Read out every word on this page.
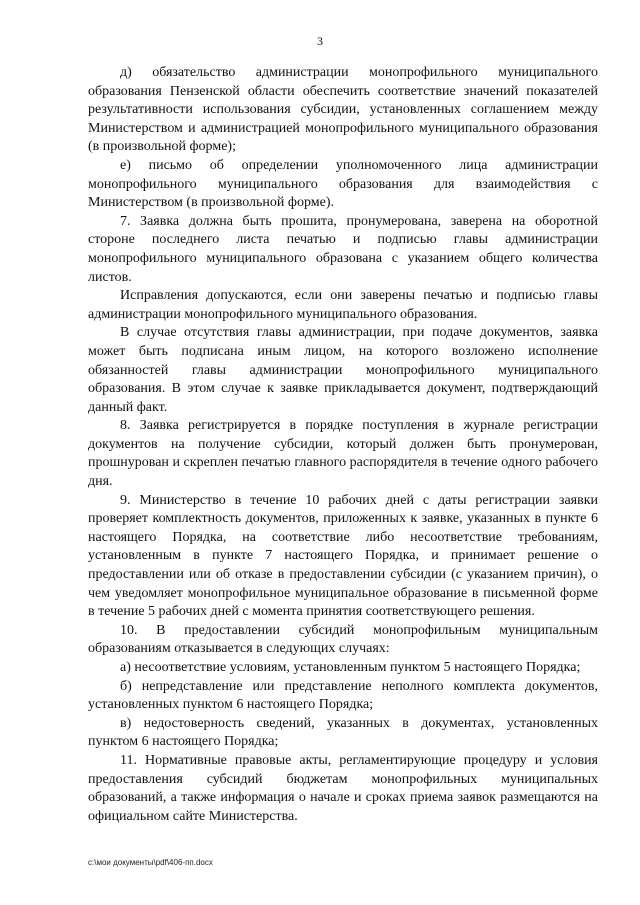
3

д) обязательство администрации монопрофильного муниципального образования Пензенской области обеспечить соответствие значений показателей результативности использования субсидии, установленных соглашением между Министерством и администрацией монопрофильного муниципального образования (в произвольной форме);

е) письмо об определении уполномоченного лица администрации монопрофильного муниципального образования для взаимодействия с Министерством (в произвольной форме).

7. Заявка должна быть прошита, пронумерована, заверена на оборотной стороне последнего листа печатью и подписью главы администрации монопрофильного муниципального образована с указанием общего количества листов.

Исправления допускаются, если они заверены печатью и подписью главы администрации монопрофильного муниципального образования.

В случае отсутствия главы администрации, при подаче документов, заявка может быть подписана иным лицом, на которого возложено исполнение обязанностей главы администрации монопрофильного муниципального образования. В этом случае к заявке прикладывается документ, подтверждающий данный факт.

8. Заявка регистрируется в порядке поступления в журнале регистрации документов на получение субсидии, который должен быть пронумерован, прошнурован и скреплен печатью главного распорядителя в течение одного рабочего дня.

9. Министерство в течение 10 рабочих дней с даты регистрации заявки проверяет комплектность документов, приложенных к заявке, указанных в пункте 6 настоящего Порядка, на соответствие либо несоответствие требованиям, установленным в пункте 7 настоящего Порядка, и принимает решение о предоставлении или об отказе в предоставлении субсидии (с указанием причин), о чем уведомляет монопрофильное муниципальное образование в письменной форме в течение 5 рабочих дней с момента принятия соответствующего решения.

10. В предоставлении субсидий монопрофильным муниципальным образованиям отказывается в следующих случаях:

а) несоответствие условиям, установленным пунктом 5 настоящего Порядка;

б) непредставление или представление неполного комплекта документов, установленных пунктом 6 настоящего Порядка;

в) недостоверность сведений, указанных в документах, установленных пунктом 6 настоящего Порядка;

11. Нормативные правовые акты, регламентирующие процедуру и условия предоставления субсидий бюджетам монопрофильных муниципальных образований, а также информация о начале и сроках приема заявок размещаются на официальном сайте Министерства.

c:\мои документы\pdf\406-пп.docx
